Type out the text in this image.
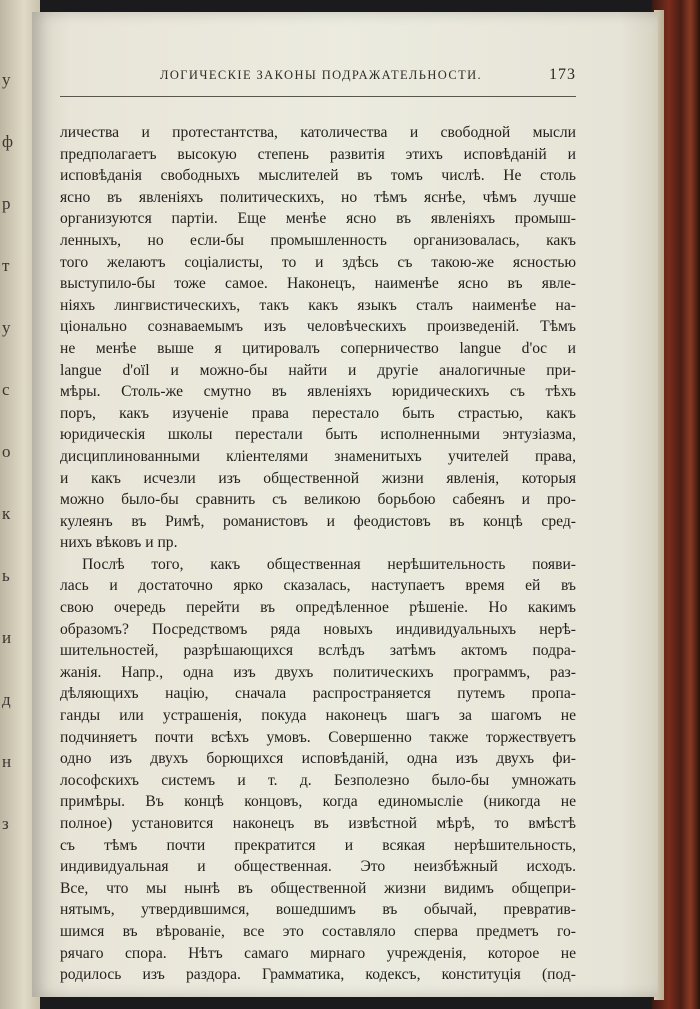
у
ф
р
т
у
с
о
к
ь
и
д
н
з
ЛОГИЧЕСКІЕ ЗАКОНЫ ПОДРАЖАТЕЛЬНОСТИ.	173
личества и протестантства, католичества и свободной мысли
предполагаетъ высокую степень развитія этихъ исповѣданій и
исповѣданія свободныхъ мыслителей въ томъ числѣ. Не столь
ясно въ явленіяхъ политическихъ, но тѣмъ яснѣе, чѣмъ лучше
организуются партіи. Еще менѣе ясно въ явленіяхъ промыш-
ленныхъ, но если-бы промышленность организовалась, какъ
того желаютъ соціалисты, то и здѣсь съ такою-же ясностью
выступило-бы тоже самое. Наконецъ, наименѣе ясно въ явле-
ніяхъ лингвистическихъ, такъ какъ языкъ сталъ наименѣе на-
ціонально сознаваемымъ изъ человѣческихъ произведеній. Тѣмъ
не менѣе выше я цитировалъ соперничество langue d'oc и
langue d'oïl и можно-бы найти и другіе аналогичные при-
мѣры. Столь-же смутно въ явленіяхъ юридическихъ съ тѣхъ
поръ, какъ изученіе права перестало быть страстью, какъ
юридическія школы перестали быть исполненными энтузіазма,
дисциплинованными кліентелями знаменитыхъ учителей права,
и какъ исчезли изъ общественной жизни явленія, которыя
можно было-бы сравнить съ великою борьбою сабеянъ и про-
кулеянъ въ Римѣ, романистовъ и феодистовъ въ концѣ сред-
нихъ вѣковъ и пр.
Послѣ того, какъ общественная нерѣшительность появи-
лась и достаточно ярко сказалась, наступаетъ время ей въ
свою очередь перейти въ опредѣленное рѣшеніе. Но какимъ
образомъ? Посредствомъ ряда новыхъ индивидуальныхъ нерѣ-
шительностей, разрѣшающихся вслѣдъ затѣмъ актомъ подра-
жанія. Напр., одна изъ двухъ политическихъ программъ, раз-
дѣляющихъ націю, сначала распространяется путемъ пропа-
ганды или устрашенія, покуда наконецъ шагъ за шагомъ не
подчиняетъ почти всѣхъ умовъ. Совершенно также торжествуетъ
одно изъ двухъ борющихся исповѣданій, одна изъ двухъ фи-
лософскихъ системъ и т. д. Безполезно было-бы умножать
примѣры. Въ концѣ концовъ, когда единомысліе (никогда не
полное) установится наконецъ въ извѣстной мѣрѣ, то вмѣстѣ
съ тѣмъ почти прекратится и всякая нерѣшительность,
индивидуальная и общественная. Это неизбѣжный исходъ.
Все, что мы нынѣ въ общественной жизни видимъ общепри-
нятымъ, утвердившимся, вошедшимъ въ обычай, превратив-
шимся въ вѣрованіе, все это составляло сперва предметъ го-
рячаго спора. Нѣтъ самаго мирнаго учрежденія, которое не
родилось изъ раздора. Грамматика, кодексъ, конституція (под-
